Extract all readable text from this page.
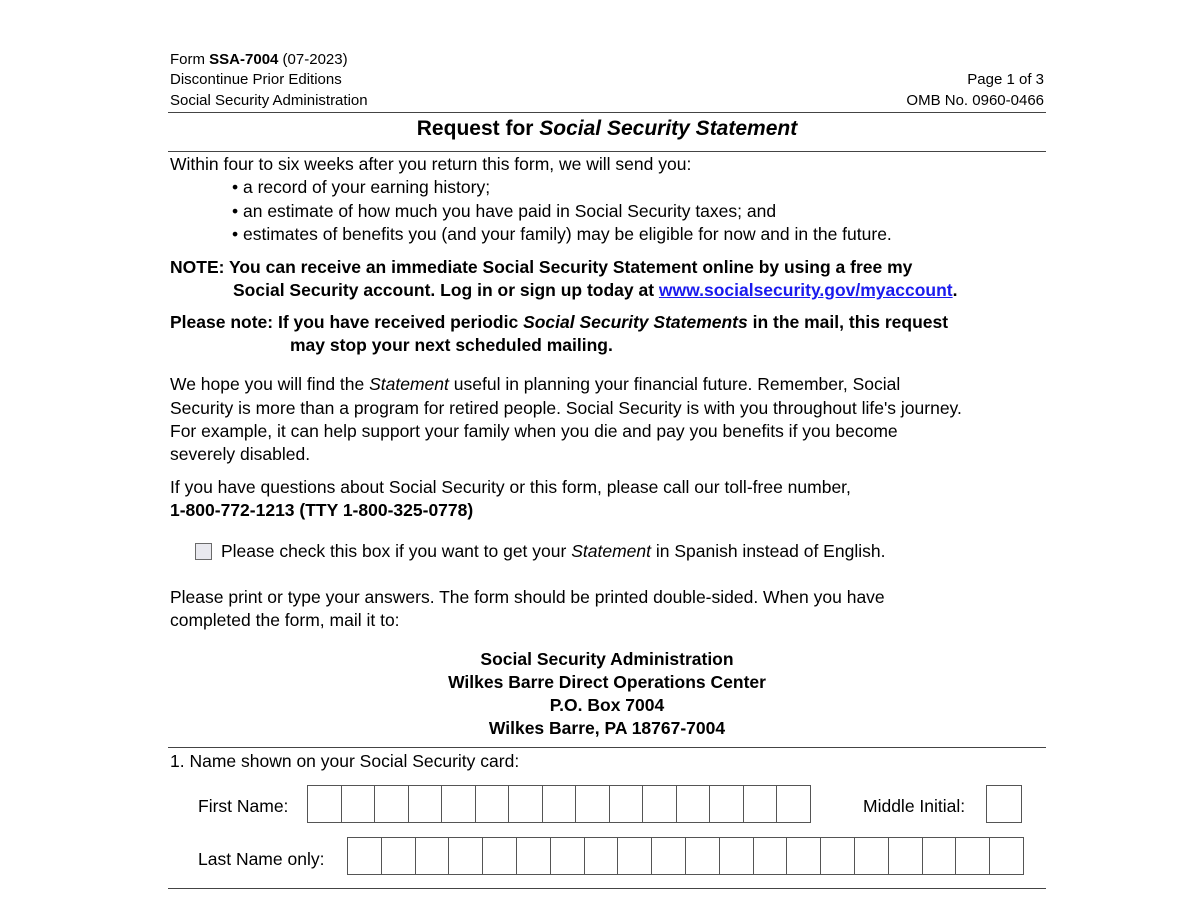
Form SSA-7004 (07-2023)
Discontinue Prior Editions
Social Security Administration
Page 1 of 3
OMB No. 0960-0466
Request for Social Security Statement
Within four to six weeks after you return this form, we will send you:
• a record of your earning history;
• an estimate of how much you have paid in Social Security taxes; and
• estimates of benefits you (and your family) may be eligible for now and in the future.
NOTE: You can receive an immediate Social Security Statement online by using a free my
Social Security account. Log in or sign up today at www.socialsecurity.gov/myaccount.
Please note: If you have received periodic Social Security Statements in the mail, this request
may stop your next scheduled mailing.
We hope you will find the Statement useful in planning your financial future. Remember, Social
Security is more than a program for retired people. Social Security is with you throughout life's journey.
For example, it can help support your family when you die and pay you benefits if you become
severely disabled.
If you have questions about Social Security or this form, please call our toll-free number,
1-800-772-1213 (TTY 1-800-325-0778)
Please check this box if you want to get your Statement in Spanish instead of English.
Please print or type your answers. The form should be printed double-sided. When you have
completed the form, mail it to:
Social Security Administration
Wilkes Barre Direct Operations Center
P.O. Box 7004
Wilkes Barre, PA 18767-7004
1. Name shown on your Social Security card:
First Name:	Middle Initial:
Last Name only:
